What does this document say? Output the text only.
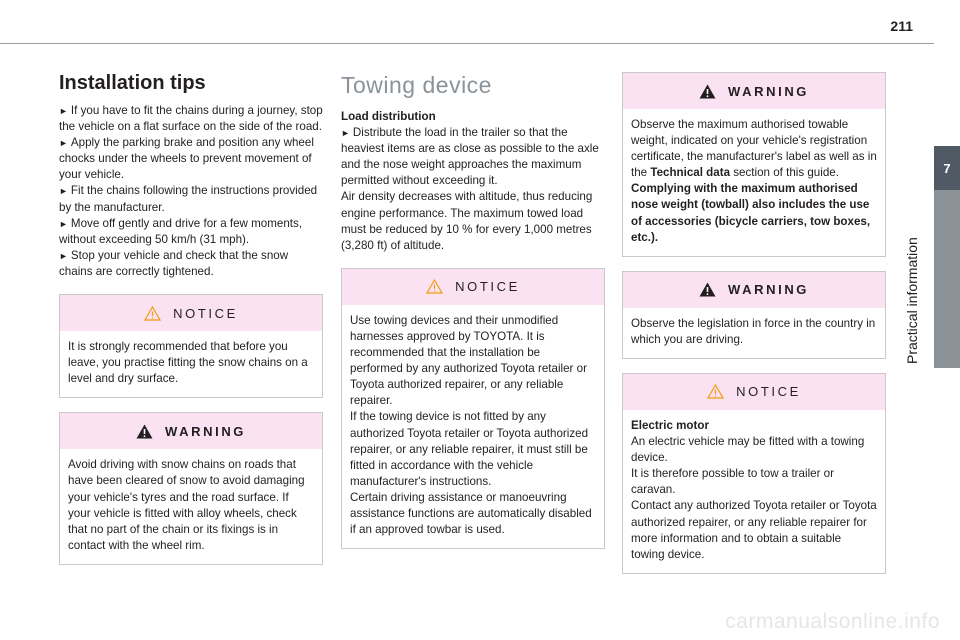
211
7
Practical information
Installation tips

► If you have to fit the chains during a journey, stop the vehicle on a flat surface on the side of the road.
► Apply the parking brake and position any wheel chocks under the wheels to prevent movement of your vehicle.
► Fit the chains following the instructions provided by the manufacturer.
► Move off gently and drive for a few moments, without exceeding 50 km/h (31 mph).
► Stop your vehicle and check that the snow chains are correctly tightened.

NOTICE

It is strongly recommended that before you leave, you practise fitting the snow chains on a level and dry surface.

WARNING

Avoid driving with snow chains on roads that have been cleared of snow to avoid damaging your vehicle's tyres and the road surface. If your vehicle is fitted with alloy wheels, check that no part of the chain or its fixings is in contact with the wheel rim.

Towing device

Load distribution
► Distribute the load in the trailer so that the heaviest items are as close as possible to the axle and the nose weight approaches the maximum permitted without exceeding it.
Air density decreases with altitude, thus reducing engine performance. The maximum towed load must be reduced by 10 % for every 1,000 metres (3,280 ft) of altitude.

NOTICE

Use towing devices and their unmodified harnesses approved by TOYOTA. It is recommended that the installation be performed by any authorized Toyota retailer or Toyota authorized repairer, or any reliable repairer.

If the towing device is not fitted by any authorized Toyota retailer or Toyota authorized repairer, or any reliable repairer, it must still be fitted in accordance with the vehicle manufacturer's instructions.

Certain driving assistance or manoeuvring assistance functions are automatically disabled if an approved towbar is used.

WARNING

Observe the maximum authorised towable weight, indicated on your vehicle's registration certificate, the manufacturer's label as well as in the Technical data section of this guide.

Complying with the maximum authorised nose weight (towball) also includes the use of accessories (bicycle carriers, tow boxes, etc.).

WARNING

Observe the legislation in force in the country in which you are driving.

NOTICE

Electric motor

An electric vehicle may be fitted with a towing device.

It is therefore possible to tow a trailer or caravan.

Contact any authorized Toyota retailer or Toyota authorized repairer, or any reliable repairer for more information and to obtain a suitable towing device.

carmanualsonline.info
